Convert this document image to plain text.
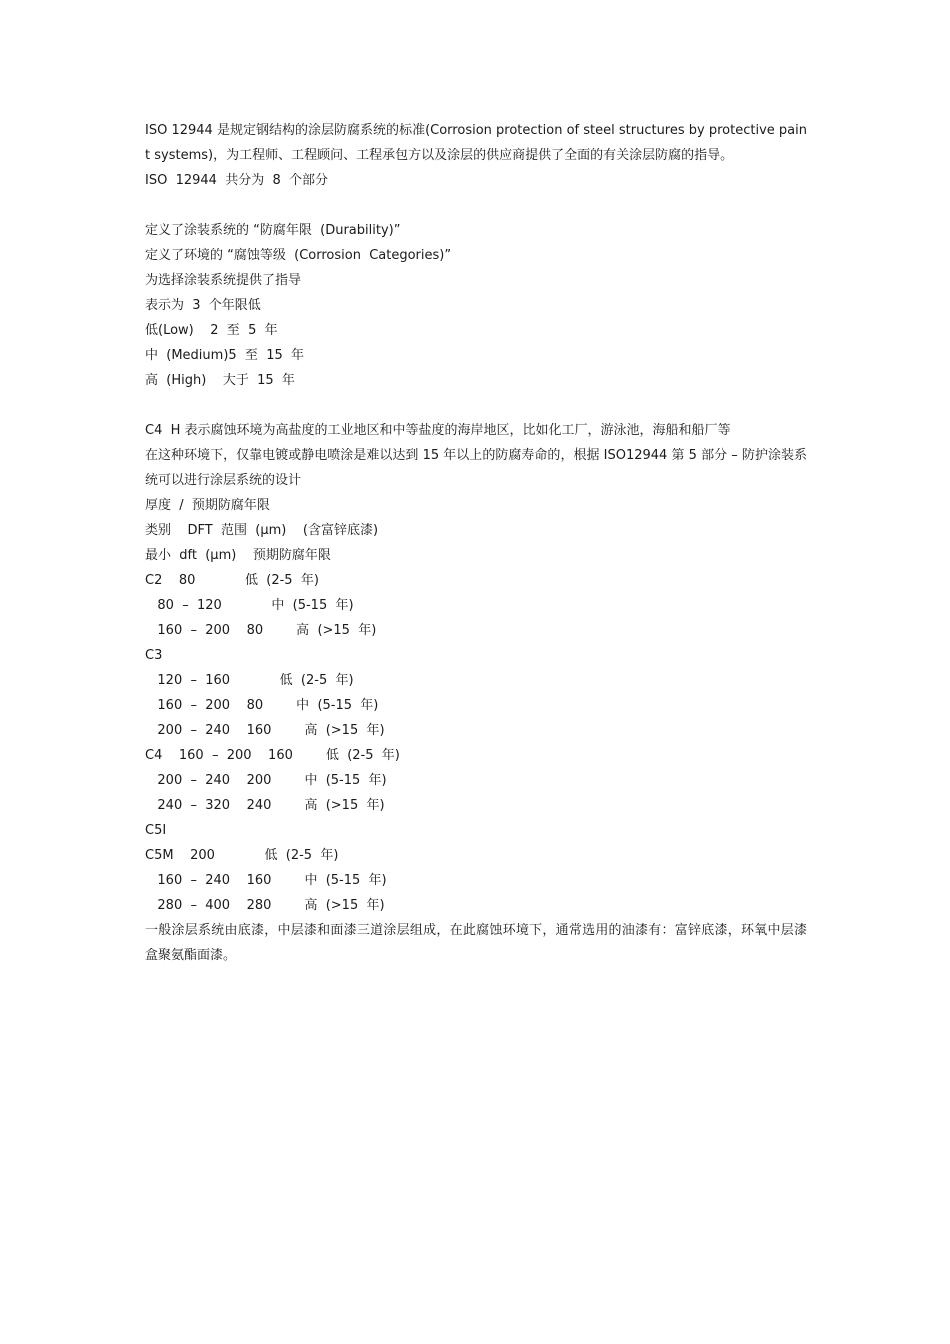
ISO 12944 是规定钢结构的涂层防腐系统的标准(Corrosion protection of steel structures by protective paint systems)，为工程师、工程顾问、工程承包方以及涂层的供应商提供了全面的有关涂层防腐的指导。
ISO  12944  共分为  8  个部分
定义了涂装系统的 “防腐年限  (Durability)”
定义了环境的 “腐蚀等级  (Corrosion  Categories)”
为选择涂装系统提供了指导
表示为  3  个年限低
低(Low)    2  至  5  年
中  (Medium)5  至  15  年
高  (High)    大于  15  年
C4  H 表示腐蚀环境为高盐度的工业地区和中等盐度的海岸地区，比如化工厂，游泳池，海船和船厂等
在这种环境下，仅靠电镀或静电喷涂是难以达到 15 年以上的防腐寿命的，根据 ISO12944 第 5 部分 – 防护涂装系统可以进行涂层系统的设计
厚度  /  预期防腐年限
类别    DFT  范围  (μm)    (含富锌底漆)
最小  dft  (μm)    预期防腐年限
C2    80            低  (2-5  年)
80  –  120            中  (5-15  年)
160  –  200    80        高  (>15  年)
C3
120  –  160            低  (2-5  年)
160  –  200    80        中  (5-15  年)
200  –  240    160        高  (>15  年)
C4    160  –  200    160        低  (2-5  年)
200  –  240    200        中  (5-15  年)
240  –  320    240        高  (>15  年)
C5I
C5M    200            低  (2-5  年)
160  –  240    160        中  (5-15  年)
280  –  400    280        高  (>15  年)
一般涂层系统由底漆，中层漆和面漆三道涂层组成，在此腐蚀环境下，通常选用的油漆有：富锌底漆，环氧中层漆盒聚氨酯面漆。
